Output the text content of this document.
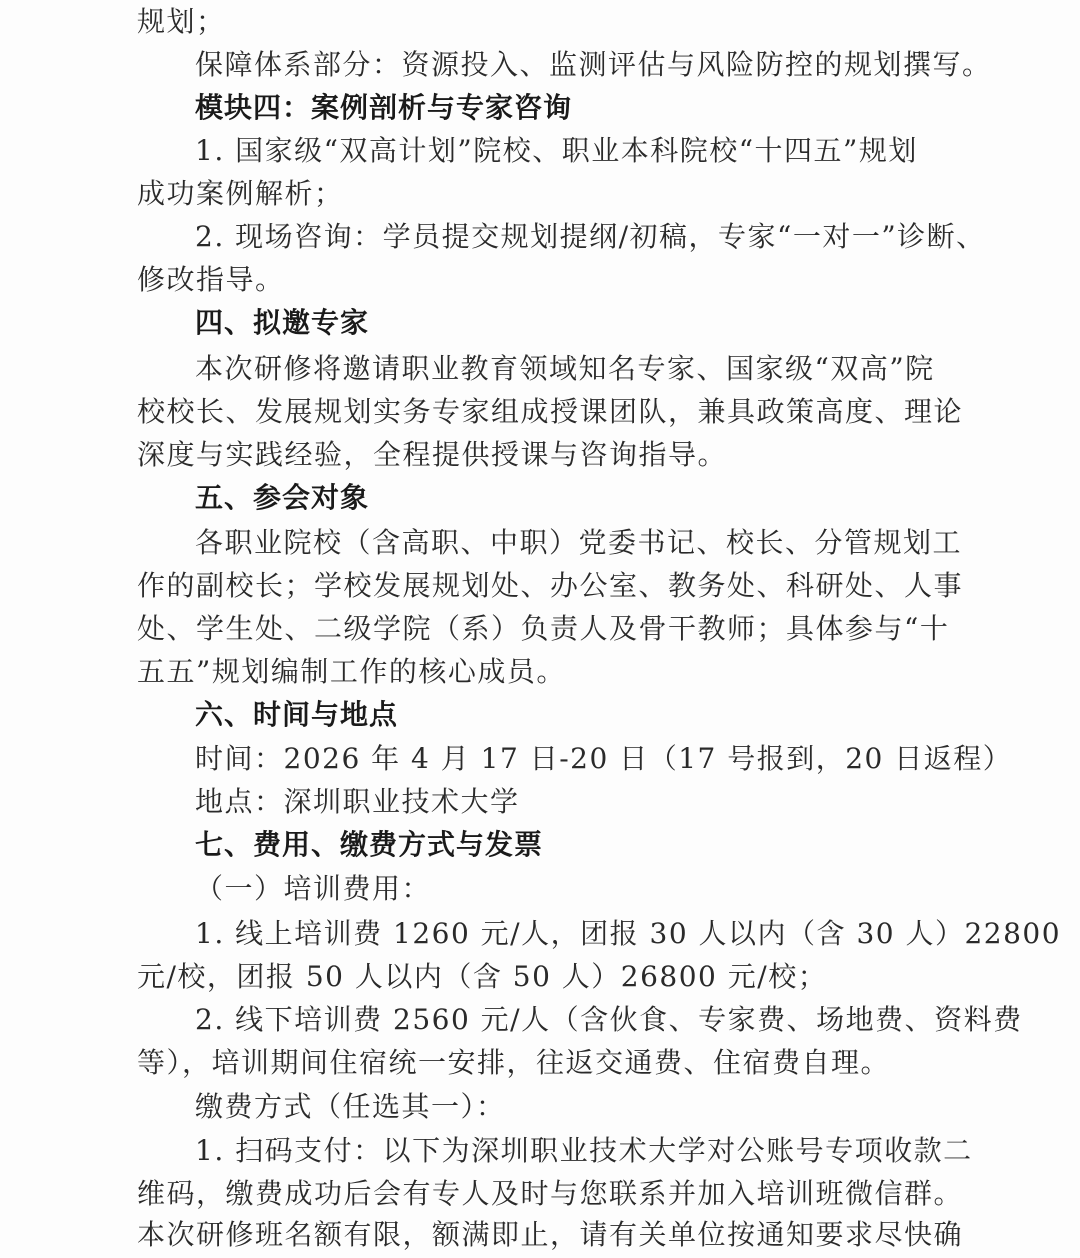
规划；
保障体系部分：资源投入、监测评估与风险防控的规划撰写。
模块四：案例剖析与专家咨询
1. 国家级“双高计划”院校、职业本科院校“十四五”规划
成功案例解析；
2. 现场咨询：学员提交规划提纲/初稿，专家“一对一”诊断、
修改指导。
四、拟邀专家
本次研修将邀请职业教育领域知名专家、国家级“双高”院
校校长、发展规划实务专家组成授课团队，兼具政策高度、理论
深度与实践经验，全程提供授课与咨询指导。
五、参会对象
各职业院校（含高职、中职）党委书记、校长、分管规划工
作的副校长；学校发展规划处、办公室、教务处、科研处、人事
处、学生处、二级学院（系）负责人及骨干教师；具体参与“十
五五”规划编制工作的核心成员。
六、时间与地点
时间：2026 年 4 月 17 日-20 日（17 号报到，20 日返程）
地点：深圳职业技术大学
七、费用、缴费方式与发票
（一）培训费用：
1. 线上培训费 1260 元/人，团报 30 人以内（含 30 人）22800
元/校，团报 50 人以内（含 50 人）26800 元/校；
2. 线下培训费 2560 元/人（含伙食、专家费、场地费、资料费
等），培训期间住宿统一安排，往返交通费、住宿费自理。
缴费方式（任选其一）：
1. 扫码支付：以下为深圳职业技术大学对公账号专项收款二
维码，缴费成功后会有专人及时与您联系并加入培训班微信群。
本次研修班名额有限，额满即止，请有关单位按通知要求尽快确
